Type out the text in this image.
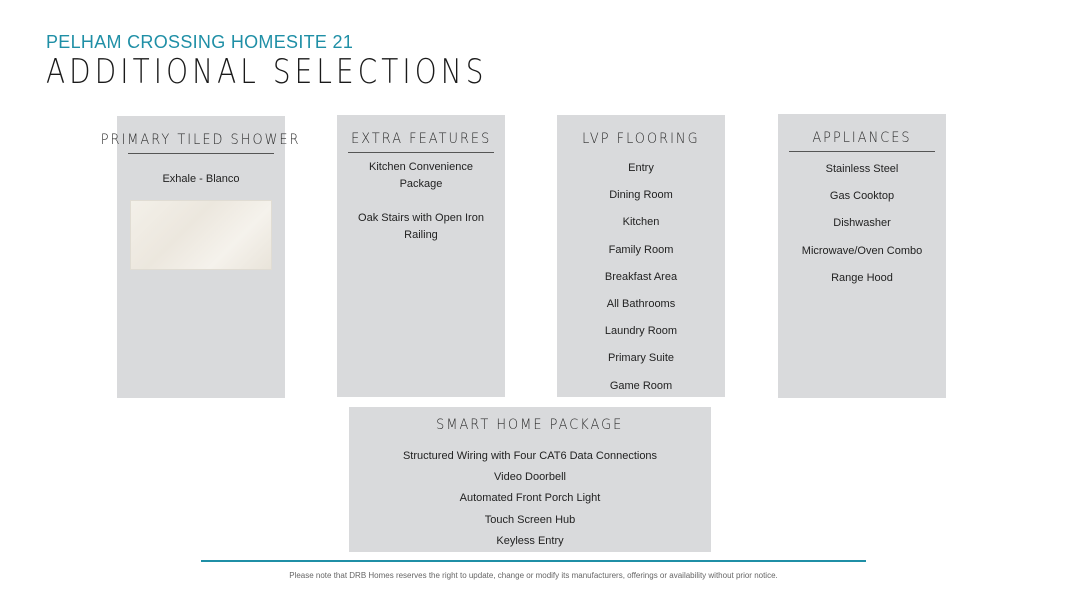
PELHAM CROSSING HOMESITE 21
ADDITIONAL SELECTIONS
PRIMARY TILED SHOWER
Exhale - Blanco
EXTRA FEATURES
Kitchen Convenience Package
Oak Stairs with Open Iron Railing
LVP FLOORING
Entry
Dining Room
Kitchen
Family Room
Breakfast Area
All Bathrooms
Laundry Room
Primary Suite
Game Room
APPLIANCES
Stainless Steel
Gas Cooktop
Dishwasher
Microwave/Oven Combo
Range Hood
SMART HOME PACKAGE
Structured Wiring with Four CAT6 Data Connections
Video Doorbell
Automated Front Porch Light
Touch Screen Hub
Keyless Entry
Please note that DRB Homes reserves the right to update, change or modify its manufacturers, offerings or availability without prior notice.
